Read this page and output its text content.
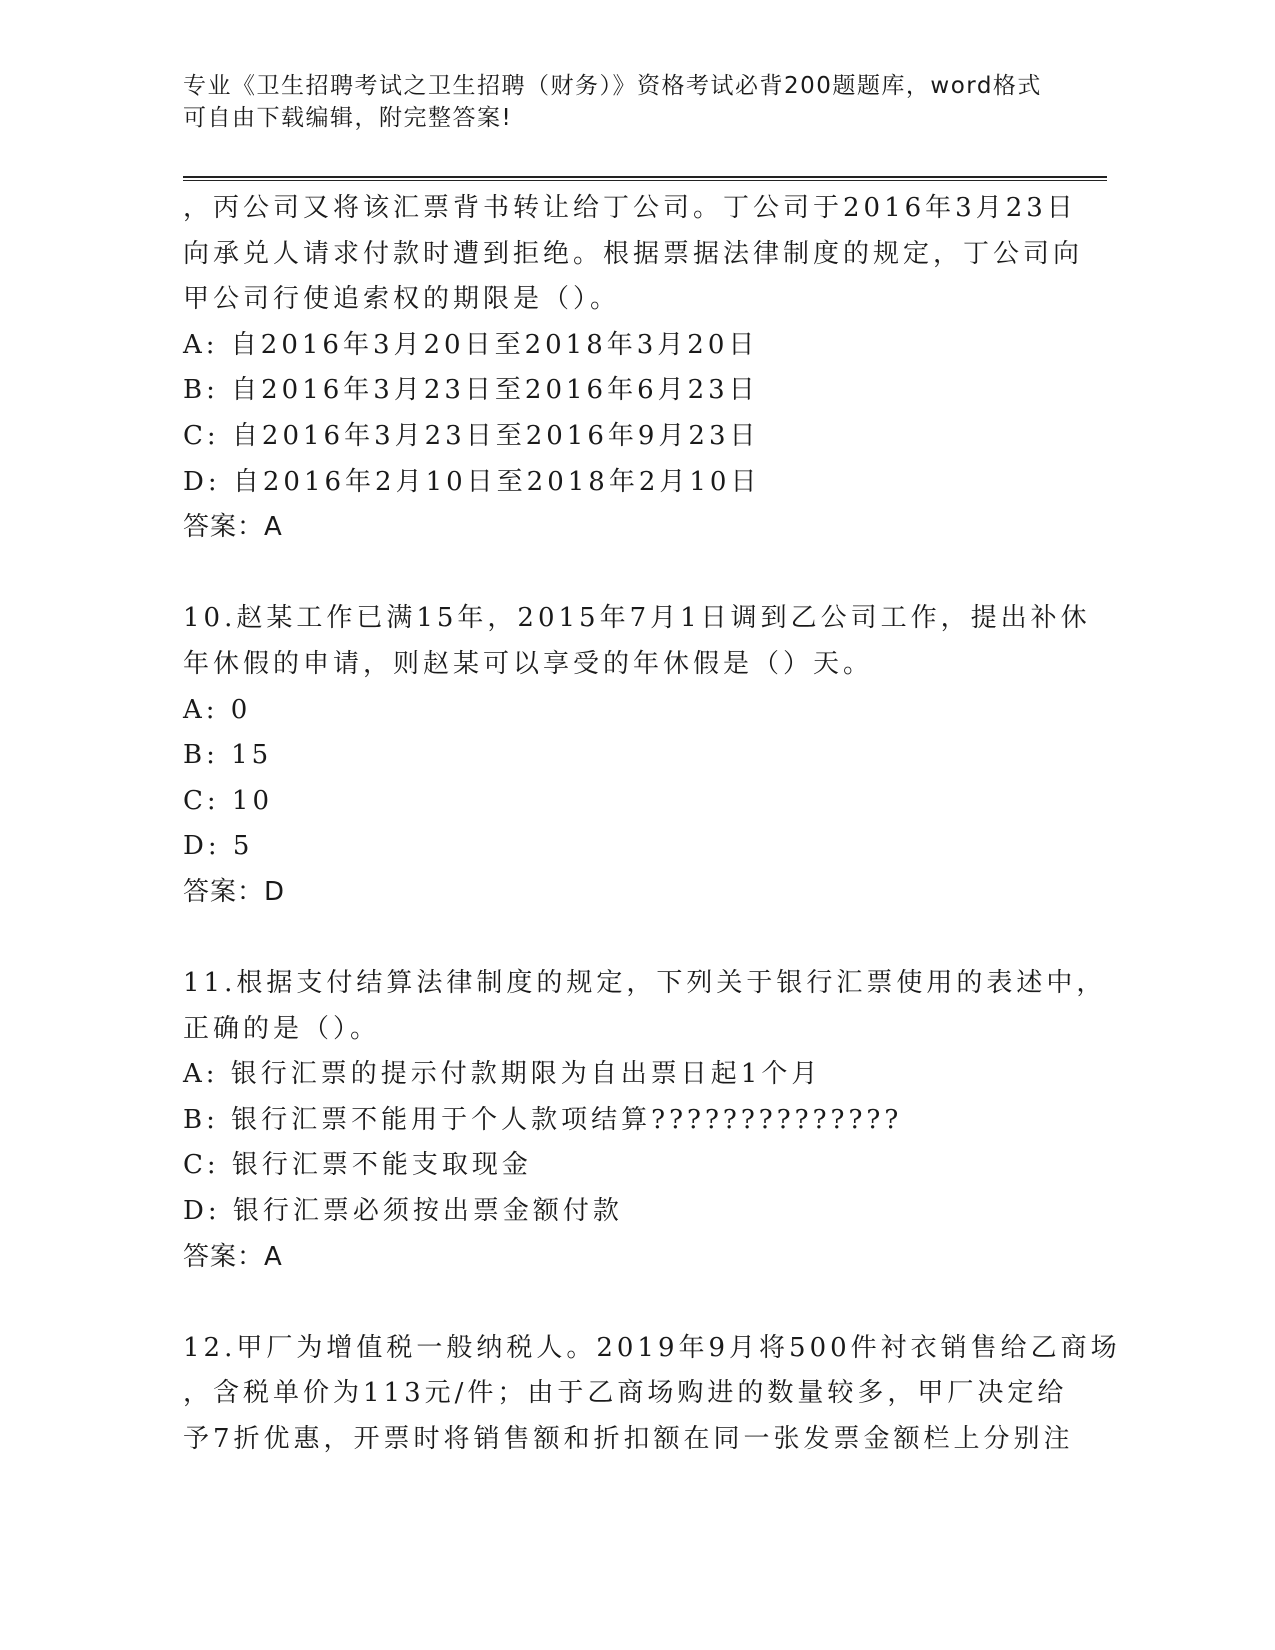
专业《卫生招聘考试之卫生招聘（财务）》资格考试必背200题题库，word格式
可自由下载编辑，附完整答案!
，丙公司又将该汇票背书转让给丁公司。丁公司于2016年3月23日
向承兑人请求付款时遭到拒绝。根据票据法律制度的规定，丁公司向
甲公司行使追索权的期限是（）。
A: 自2016年3月20日至2018年3月20日
B: 自2016年3月23日至2016年6月23日
C: 自2016年3月23日至2016年9月23日
D: 自2016年2月10日至2018年2月10日
答案：A
10.赵某工作已满15年，2015年7月1日调到乙公司工作，提出补休
年休假的申请，则赵某可以享受的年休假是（）天。
A: 0
B: 15
C: 10
D: 5
答案：D
11.根据支付结算法律制度的规定，下列关于银行汇票使用的表述中，
正确的是（）。
A: 银行汇票的提示付款期限为自出票日起1个月
B: 银行汇票不能用于个人款项结算??????????????
C: 银行汇票不能支取现金
D: 银行汇票必须按出票金额付款
答案：A
12.甲厂为增值税一般纳税人。2019年9月将500件衬衣销售给乙商场
，含税单价为113元/件；由于乙商场购进的数量较多，甲厂决定给
予7折优惠，开票时将销售额和折扣额在同一张发票金额栏上分别注
